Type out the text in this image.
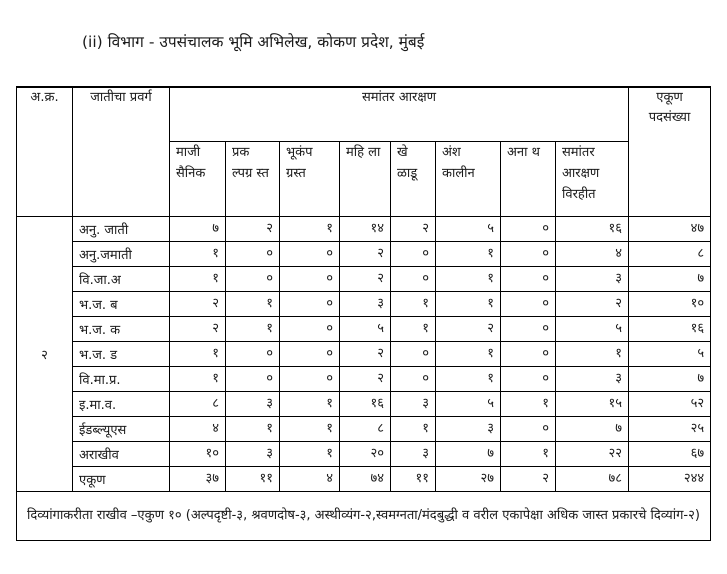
(ii) विभाग - उपसंचालक भूमि अभिलेख, कोकण प्रदेश, मुंबई
अ.क्र.	जातीचा प्रवर्ग	समांतर आरक्षण								एकूण पदसंख्या
		माजी सैनिक	प्रक ल्पग्र स्त	भूकंप ग्रस्त	महि ला	खे ळाडू	अंश कालीन	अना थ	समांतर आरक्षण विरहीत	
२	अनु. जाती	७	२	१	१४	२	५	०	१६	४७
	अनु.जमाती	१	०	०	२	०	१	०	४	८
	वि.जा.अ	१	०	०	२	०	१	०	३	७
	भ.ज. ब	२	१	०	३	१	१	०	२	१०
	भ.ज. क	२	१	०	५	१	२	०	५	१६
	भ.ज. ड	१	०	०	२	०	१	०	१	५
	वि.मा.प्र.	१	०	०	२	०	१	०	३	७
	इ.मा.व.	८	३	१	१६	३	५	१	१५	५२
	ईडब्ल्यूएस	४	१	१	८	१	३	०	७	२५
	अराखीव	१०	३	१	२०	३	७	१	२२	६७
	एकूण	३७	११	४	७४	११	२७	२	७८	२४४
दिव्यांगाकरीता राखीव –एकुण १० (अल्पदृष्टी-३, श्रवणदोष-३, अस्थीव्यंग-२,स्वमग्नता/मंदबुद्धी व वरील एकापेक्षा अधिक जास्त प्रकारचे दिव्यांग-२)										
